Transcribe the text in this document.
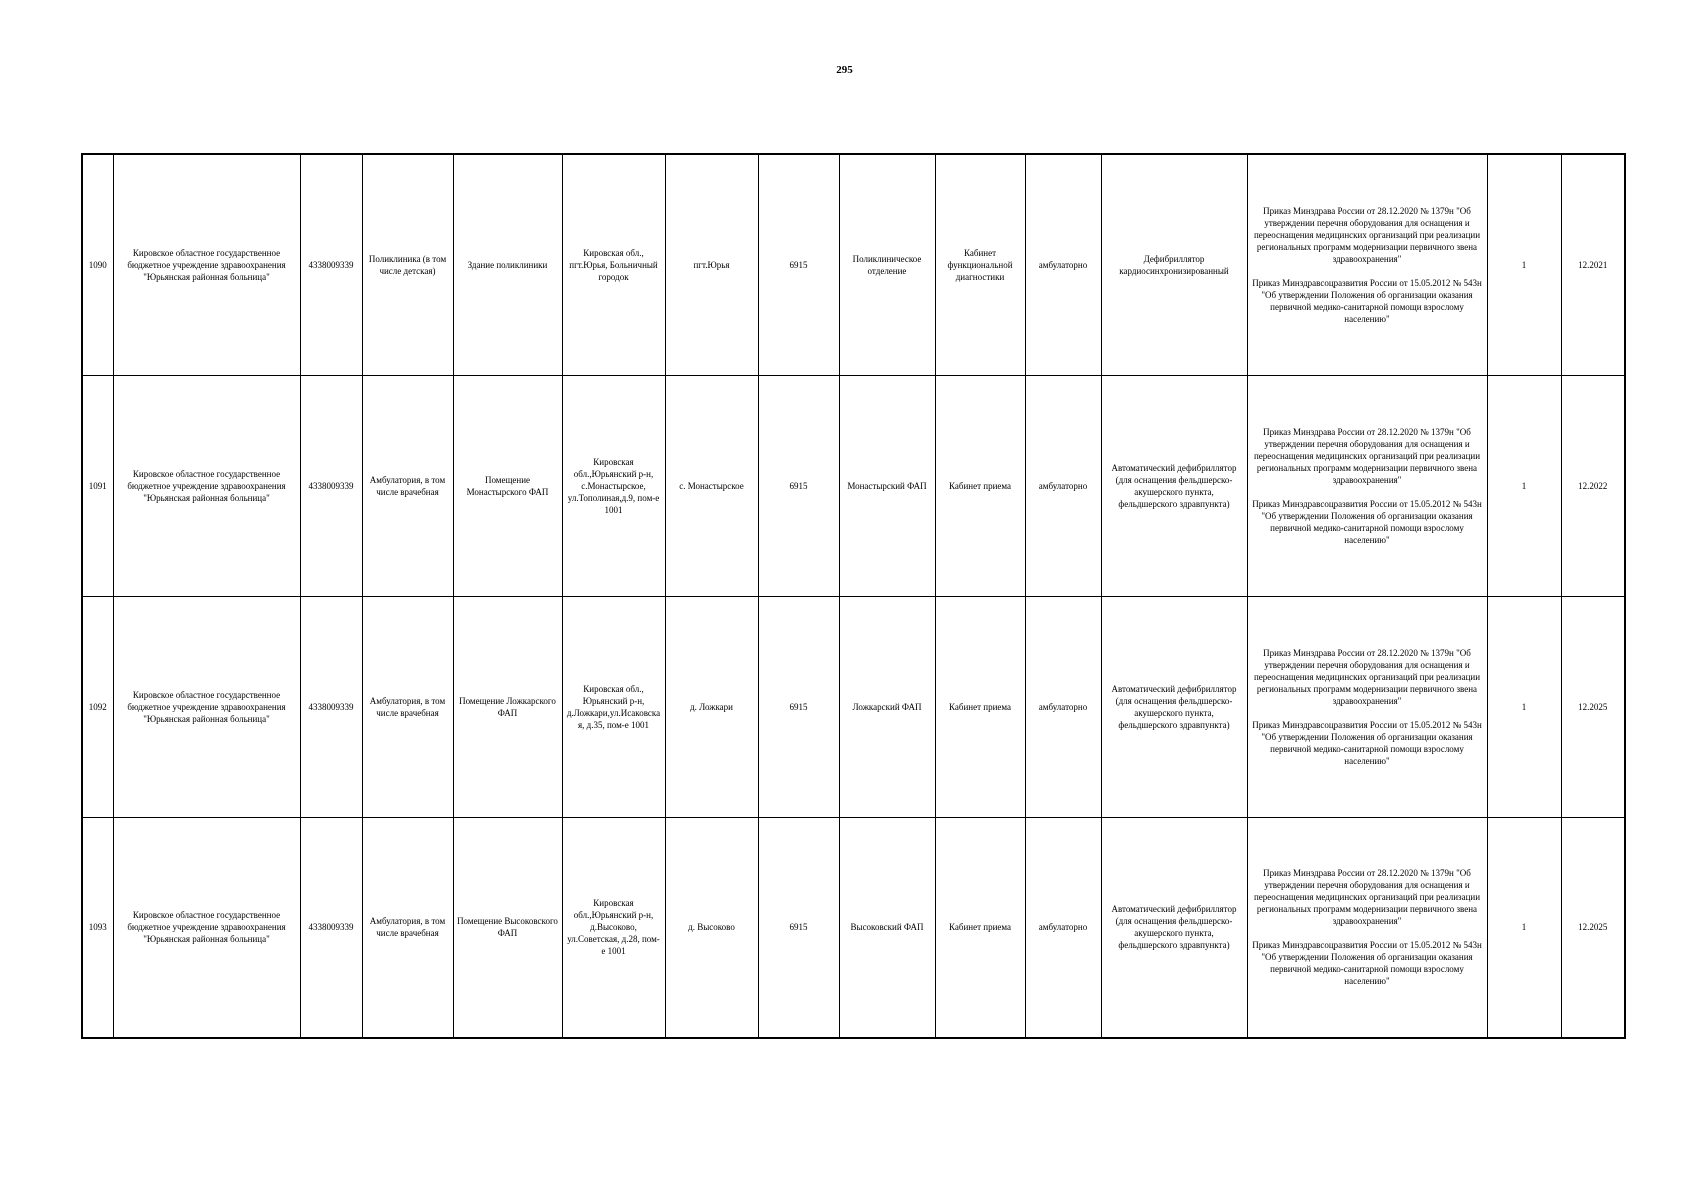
295
1090	Кировское областное государственное бюджетное учреждение здравоохранения "Юрьянская районная больница"	4338009339	Поликлиника (в том числе детская)	Здание поликлиники	Кировская обл., пгт.Юрья, Больничный городок	пгт.Юрья	6915	Поликлиническое отделение	Кабинет функциональной диагностики	амбулаторно	Дефибриллятор кардиосинхронизированный	Приказ Минздрава России от 28.12.2020 № 1379н "Об утверждении перечня оборудования для оснащения и переоснащения медицинских организаций при реализации региональных программ модернизации первичного звена здравоохранения"
Приказ Минздравсоцразвития России от 15.05.2012 № 543н "Об утверждении Положения об организации оказания первичной медико-санитарной помощи взрослому населению"	1	12.2021
1091	Кировское областное государственное бюджетное учреждение здравоохранения "Юрьянская районная больница"	4338009339	Амбулатория, в том числе врачебная	Помещение Монастырского ФАП	Кировская обл.,Юрьянский р-н, с.Монастырское, ул.Тополиная,д.9, пом-е 1001	с. Монастырское	6915	Монастырский ФАП	Кабинет приема	амбулаторно	Автоматический дефибриллятор (для оснащения фельдшерско-акушерского пункта, фельдшерского здравпункта)	Приказ Минздрава России от 28.12.2020 № 1379н "Об утверждении перечня оборудования для оснащения и переоснащения медицинских организаций при реализации региональных программ модернизации первичного звена здравоохранения"
Приказ Минздравсоцразвития России от 15.05.2012 № 543н "Об утверждении Положения об организации оказания первичной медико-санитарной помощи взрослому населению"	1	12.2022
1092	Кировское областное государственное бюджетное учреждение здравоохранения "Юрьянская районная больница"	4338009339	Амбулатория, в том числе врачебная	Помещение Ложкарского ФАП	Кировская обл., Юрьянский р-н, д.Ложкари,ул.Исаковская, д.35, пом-е 1001	д. Ложкари	6915	Ложкарский ФАП	Кабинет приема	амбулаторно	Автоматический дефибриллятор (для оснащения фельдшерско-акушерского пункта, фельдшерского здравпункта)	Приказ Минздрава России от 28.12.2020 № 1379н "Об утверждении перечня оборудования для оснащения и переоснащения медицинских организаций при реализации региональных программ модернизации первичного звена здравоохранения"
Приказ Минздравсоцразвития России от 15.05.2012 № 543н "Об утверждении Положения об организации оказания первичной медико-санитарной помощи взрослому населению"	1	12.2025
1093	Кировское областное государственное бюджетное учреждение здравоохранения "Юрьянская районная больница"	4338009339	Амбулатория, в том числе врачебная	Помещение Высоковского ФАП	Кировская обл.,Юрьянский р-н, д.Высоково, ул.Советская, д.28, пом-е 1001	д. Высоково	6915	Высоковский ФАП	Кабинет приема	амбулаторно	Автоматический дефибриллятор (для оснащения фельдшерско-акушерского пункта, фельдшерского здравпункта)	Приказ Минздрава России от 28.12.2020 № 1379н "Об утверждении перечня оборудования для оснащения и переоснащения медицинских организаций при реализации региональных программ модернизации первичного звена здравоохранения"
Приказ Минздравсоцразвития России от 15.05.2012 № 543н "Об утверждении Положения об организации оказания первичной медико-санитарной помощи взрослому населению"	1	12.2025
